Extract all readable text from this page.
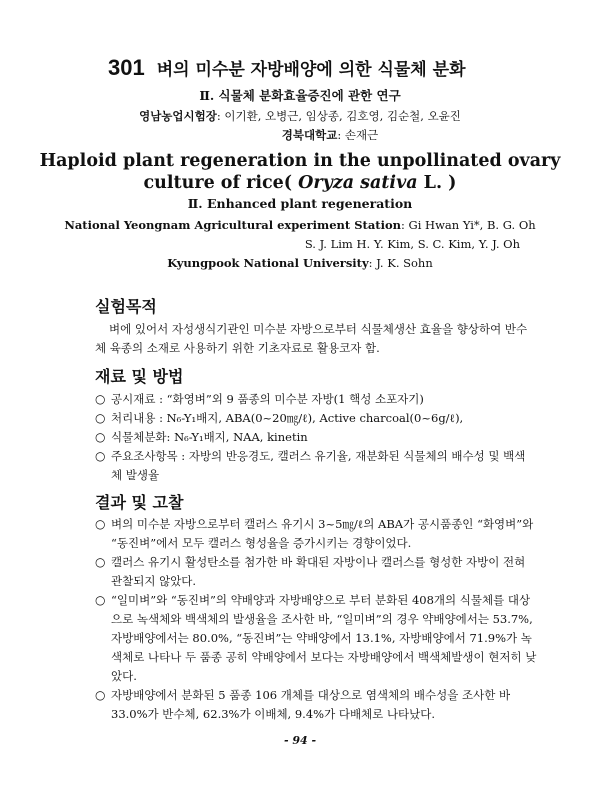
301 벼의 미수분 자방배양에 의한 식물체 분화
Ⅱ. 식물체 분화효율증진에 관한 연구
영남농업시험장: 이기환, 오병근, 임상종, 김호영, 김순철, 오윤진
경북대학교: 손재근
Haploid plant regeneration in the unpollinated ovary
culture of rice( Oryza sativa L. )
Ⅱ. Enhanced plant regeneration
National Yeongnam Agricultural experiment Station: Gi Hwan Yi*, B. G. Oh
S. J. Lim H. Y. Kim, S. C. Kim, Y. J. Oh
Kyungpook National University: J. K. Sohn
실험목적
벼에 있어서 자성생식기관인 미수분 자방으로부터 식물체생산 효율을 향상하여 반수체 육종의 소재로 사용하기 위한 기초자료로 활용코자 함.
재료 및 방법
○ 공시재료 : “화영벼”외 9 품종의 미수분 자방(1 핵성 소포자기)
○ 처리내용 : N₆-Y₁배지, ABA(0~20㎎/ℓ), Active charcoal(0~6g/ℓ),
○ 식물체분화: N₆-Y₁배지, NAA, kinetin
○ 주요조사항목 : 자방의 반응경도, 캘러스 유기율, 재분화된 식물체의 배수성 및 백색체 발생율
결과 및 고찰
○ 벼의 미수분 자방으로부터 캘러스 유기시 3~5㎎/ℓ의 ABA가 공시품종인 “화영벼”와 “동진벼”에서 모두 캘러스 형성율을 증가시키는 경향이었다.
○ 캘러스 유기시 활성탄소를 첨가한 바 확대된 자방이나 캘러스를 형성한 자방이 전혀 관찰되지 않았다.
○ “일미벼”와 “동진벼”의 약배양과 자방배양으로 부터 분화된 408개의 식물체를 대상으로 녹색체와 백색체의 발생율을 조사한 바, “일미벼”의 경우 약배양에서는 53.7%, 자방배양에서는 80.0%, “동진벼”는 약배양에서 13.1%, 자방배양에서 71.9%가 녹색체로 나타나 두 품종 공히 약배양에서 보다는 자방배양에서 백색체발생이 현저히 낮았다.
○ 자방배양에서 분화된 5 품종 106 개체를 대상으로 염색체의 배수성을 조사한 바 33.0%가 반수체, 62.3%가 이배체, 9.4%가 다배체로 나타났다.
- 94 -
